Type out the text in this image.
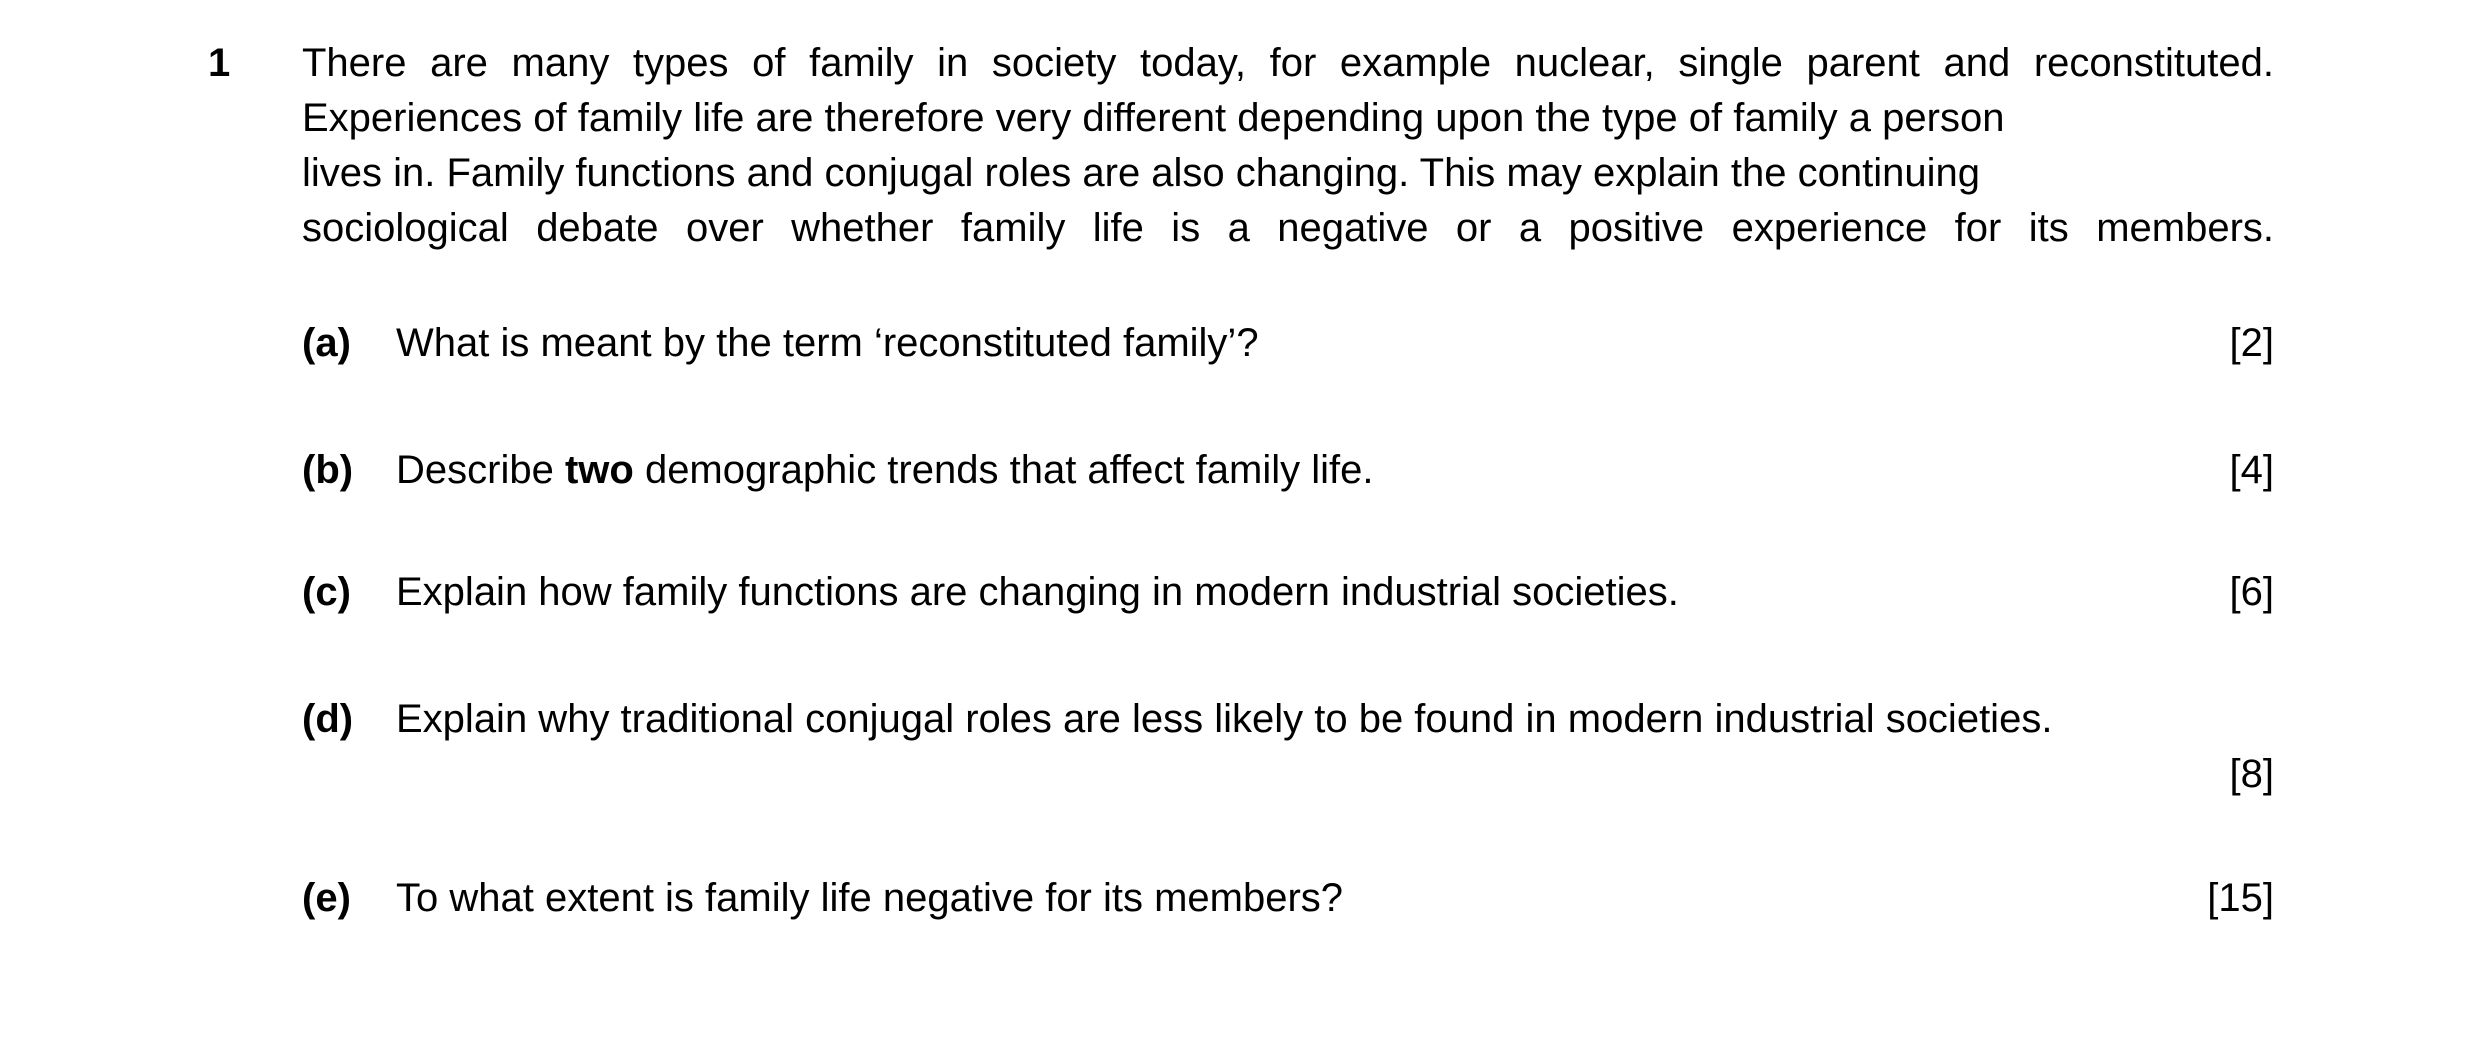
1 There are many types of family in society today, for example nuclear, single parent and reconstituted.
Experiences of family life are therefore very different depending upon the type of family a person
lives in. Family functions and conjugal roles are also changing. This may explain the continuing
sociological debate over whether family life is a negative or a positive experience for its members.
(a) What is meant by the term ‘reconstituted family’?	[2]
(b) Describe two demographic trends that affect family life.	[4]
(c) Explain how family functions are changing in modern industrial societies.	[6]
(d) Explain why traditional conjugal roles are less likely to be found in modern industrial societies.
[8]
(e) To what extent is family life negative for its members?	[15]
